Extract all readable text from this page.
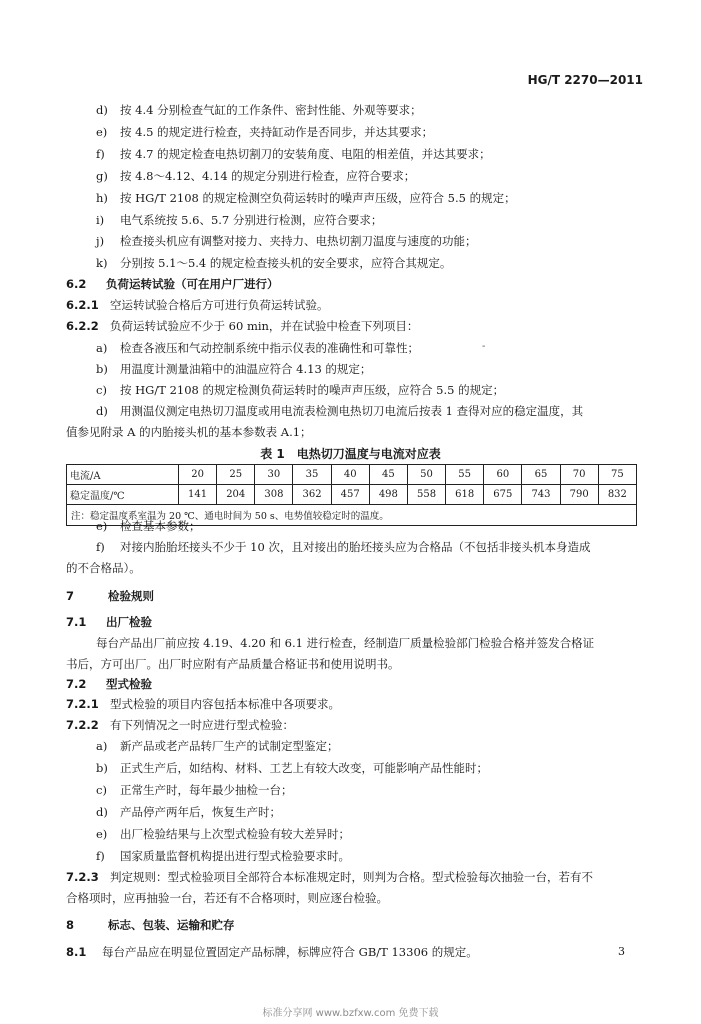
HG/T 2270—2011
d) 按 4.4 分别检查气缸的工作条件、密封性能、外观等要求；
e) 按 4.5 的规定进行检查，夹持缸动作是否同步，并达其要求；
f) 按 4.7 的规定检查电热切割刀的安装角度、电阻的相差值，并达其要求；
g) 按 4.8～4.12、4.14 的规定分别进行检查，应符合要求；
h) 按 HG/T 2108 的规定检测空负荷运转时的噪声声压级，应符合 5.5 的规定；
i) 电气系统按 5.6、5.7 分别进行检测，应符合要求；
j) 检查接头机应有调整对接力、夹持力、电热切割刀温度与速度的功能；
k) 分别按 5.1～5.4 的规定检查接头机的安全要求，应符合其规定。
6.2 负荷运转试验（可在用户厂进行）
6.2.1 空运转试验合格后方可进行负荷运转试验。
6.2.2 负荷运转试验应不少于 60 min，并在试验中检查下列项目：
a) 检查各液压和气动控制系统中指示仪表的准确性和可靠性；	-
b) 用温度计测量油箱中的油温应符合 4.13 的规定；
c) 按 HG/T 2108 的规定检测负荷运转时的噪声声压级，应符合 5.5 的规定；
d) 用测温仪测定电热切刀温度或用电流表检测电热切刀电流后按表 1 查得对应的稳定温度，其
值参见附录 A 的内胎接头机的基本参数表 A.1；
表 1　电热切刀温度与电流对应表
电流/A	20	25	30	35	40	45	50	55	60	65	70	75
稳定温度/℃	141	204	308	362	457	498	558	618	675	743	790	832
注：稳定温度系室温为 20 ℃、通电时间为 50 s、电势值较稳定时的温度。												
e) 检查基本参数；
f) 对接内胎胎坯接头不少于 10 次，且对接出的胎坯接头应为合格品（不包括非接头机本身造成
的不合格品）。
7	检验规则
7.1 出厂检验
每台产品出厂前应按 4.19、4.20 和 6.1 进行检查，经制造厂质量检验部门检验合格并签发合格证
书后，方可出厂。出厂时应附有产品质量合格证书和使用说明书。
7.2 型式检验
7.2.1 型式检验的项目内容包括本标准中各项要求。
7.2.2 有下列情况之一时应进行型式检验：
a) 新产品或老产品转厂生产的试制定型鉴定；
b) 正式生产后，如结构、材料、工艺上有较大改变，可能影响产品性能时；
c) 正常生产时，每年最少抽检一台；
d) 产品停产两年后，恢复生产时；
e) 出厂检验结果与上次型式检验有较大差异时；
f) 国家质量监督机构提出进行型式检验要求时。
7.2.3 判定规则：型式检验项目全部符合本标准规定时，则判为合格。型式检验每次抽验一台，若有不
合格项时，应再抽验一台，若还有不合格项时，则应逐台检验。
8	标志、包装、运输和贮存
8.1 每台产品应在明显位置固定产品标牌，标牌应符合 GB/T 13306 的规定。	3
标准分享网 www.bzfxw.com 免费下载
